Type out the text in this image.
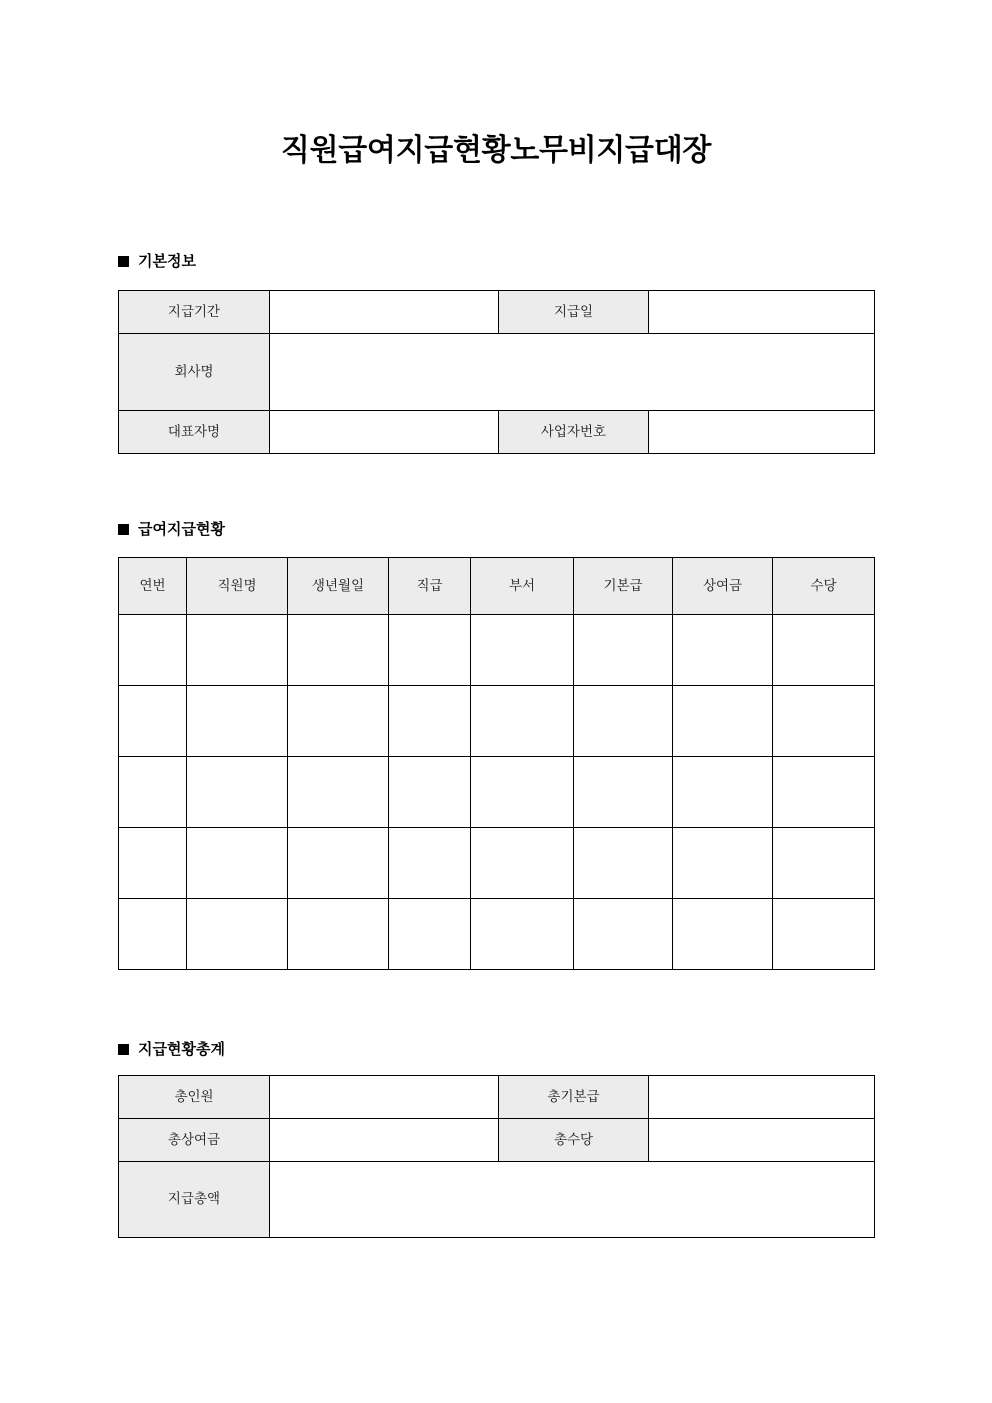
직원급여지급현황노무비지급대장
기본정보
지급기간		지급일	
회사명			
대표자명		사업자번호	
급여지급현황
연번	직원명	생년월일	직급	부서	기본급	상여금	수당

지급현황총계
총인원		총기본급	
총상여금		총수당	
지급총액			
